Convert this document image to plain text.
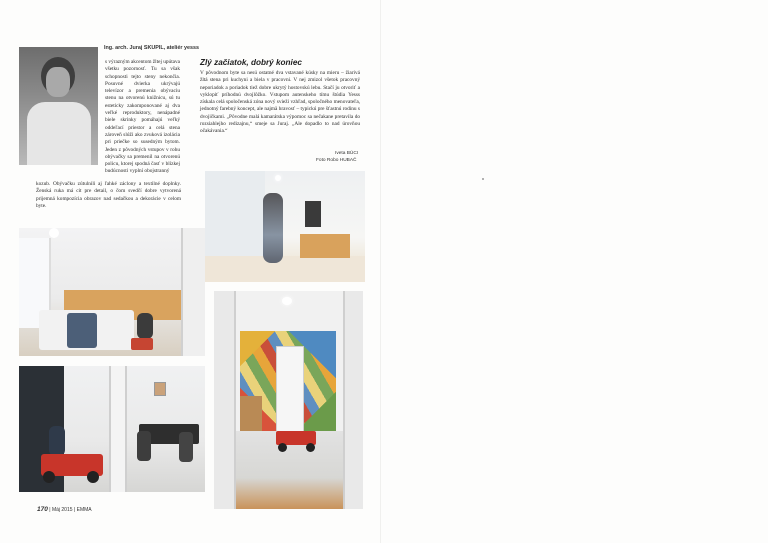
Ing. arch. Juraj SKUPIL, ateliér yesss
s výrazným akcentom žltej upútava všetku pozornosť. Tu sa však schopnosti tejto steny nekončia. Posuvné dvierka ukrývajú televízor a premenia obývaciu stenu na otvorenú knižnicu, sú tu esteticky zakomponované aj dva veľké reproduktory, nenápadné biele skrinky pomáhajú veľký oddeľací priestor a celá stena zároveň slúži ako zvuková izolácia pri priečke so susedným bytom. Jeden z pôvodných vstupov v rohu obývačky sa premenil na otvorenú policu, ktorej spodná časť v blízkej budúcnosti vyplní obojstranný
Zlý začiatok, dobrý koniec
V pôvodnom byte sa nesú ostatné dva vstavané kúsky na mieru – žiarivá žltá stena pri kuchyni a biela v pracovni. V nej zmizol všetok pracovný neporiadok a poriadok tiež dobre ukrytý hostovskú lebu. Stačí ju otvoriť a vyklopiť príhodnú dvojlôžko. Vstupom autenskeho tímu štúdia Yesss získala celá spoločenská zóna nový svieži vzhľad, spoločného menovateľa, jednotný farebný koncept, ale najmä hravosť – typickú pre šťastnú rodinu s dvojičkami. „Pôvodne malá kamarátska výpomoc sa nečakane pretavila do rozsiahlejho redizajnu,“ smeje sa Juraj. „Ale dopadlo to nad úrovňou očakávania.“
Iveta BÚCI
Foto Robo HUBAČ
kozub. Obývačku zútulnili aj ľahké záclony a textilné doplnky. Ženská ruka má cit pre detail, o čom svedčí dobre vytvorená prijemná kompozícia obrazov nad sedačkou a dekorácie v celom byte.
170 | Máj 2015 | EMMA
